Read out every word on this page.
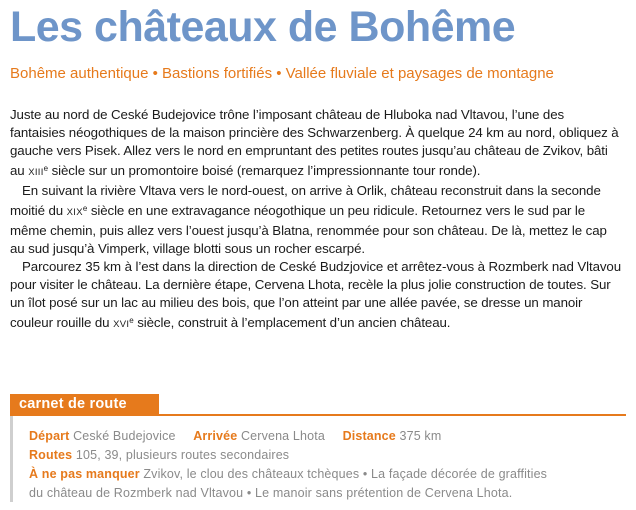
Les châteaux de Bohême
Bohême authentique • Bastions fortifiés • Vallée fluviale et paysages de montagne

Juste au nord de Ceské Budejovice trône l’imposant château de Hluboka nad Vltavou, l’une des fantaisies néogothiques de la maison princière des Schwarzenberg. À quelque 24 km au nord, obliquez à gauche vers Pisek. Allez vers le nord en empruntant des petites routes jusqu’au château de Zvikov, bâti au XIIIe siècle sur un promontoire boisé (remarquez l’impressionnante tour ronde).

En suivant la rivière Vltava vers le nord-ouest, on arrive à Orlik, château reconstruit dans la seconde moitié du XIXe siècle en une extravagance néogothique un peu ridicule. Retournez vers le sud par le même chemin, puis allez vers l’ouest jusqu’à Blatna, renommée pour son château. De là, mettez le cap au sud jusqu’à Vimperk, village blotti sous un rocher escarpé.

Parcourez 35 km à l’est dans la direction de Ceské Budzjovice et arrêtez-vous à Rozmberk nad Vltavou pour visiter le château. La dernière étape, Cervena Lhota, recèle la plus jolie construction de toutes. Sur un îlot posé sur un lac au milieu des bois, que l’on atteint par une allée pavée, se dresse un manoir couleur rouille du XVIe siècle, construit à l’emplacement d’un ancien château.

carnet de route
Départ Ceské Budejovice Arrivée Cervena Lhota Distance 375 km
Routes 105, 39, plusieurs routes secondaires
À ne pas manquer Zvikov, le clou des châteaux tchèques • La façade décorée de graffities
du château de Rozmberk nad Vltavou • Le manoir sans prétention de Cervena Lhota.
